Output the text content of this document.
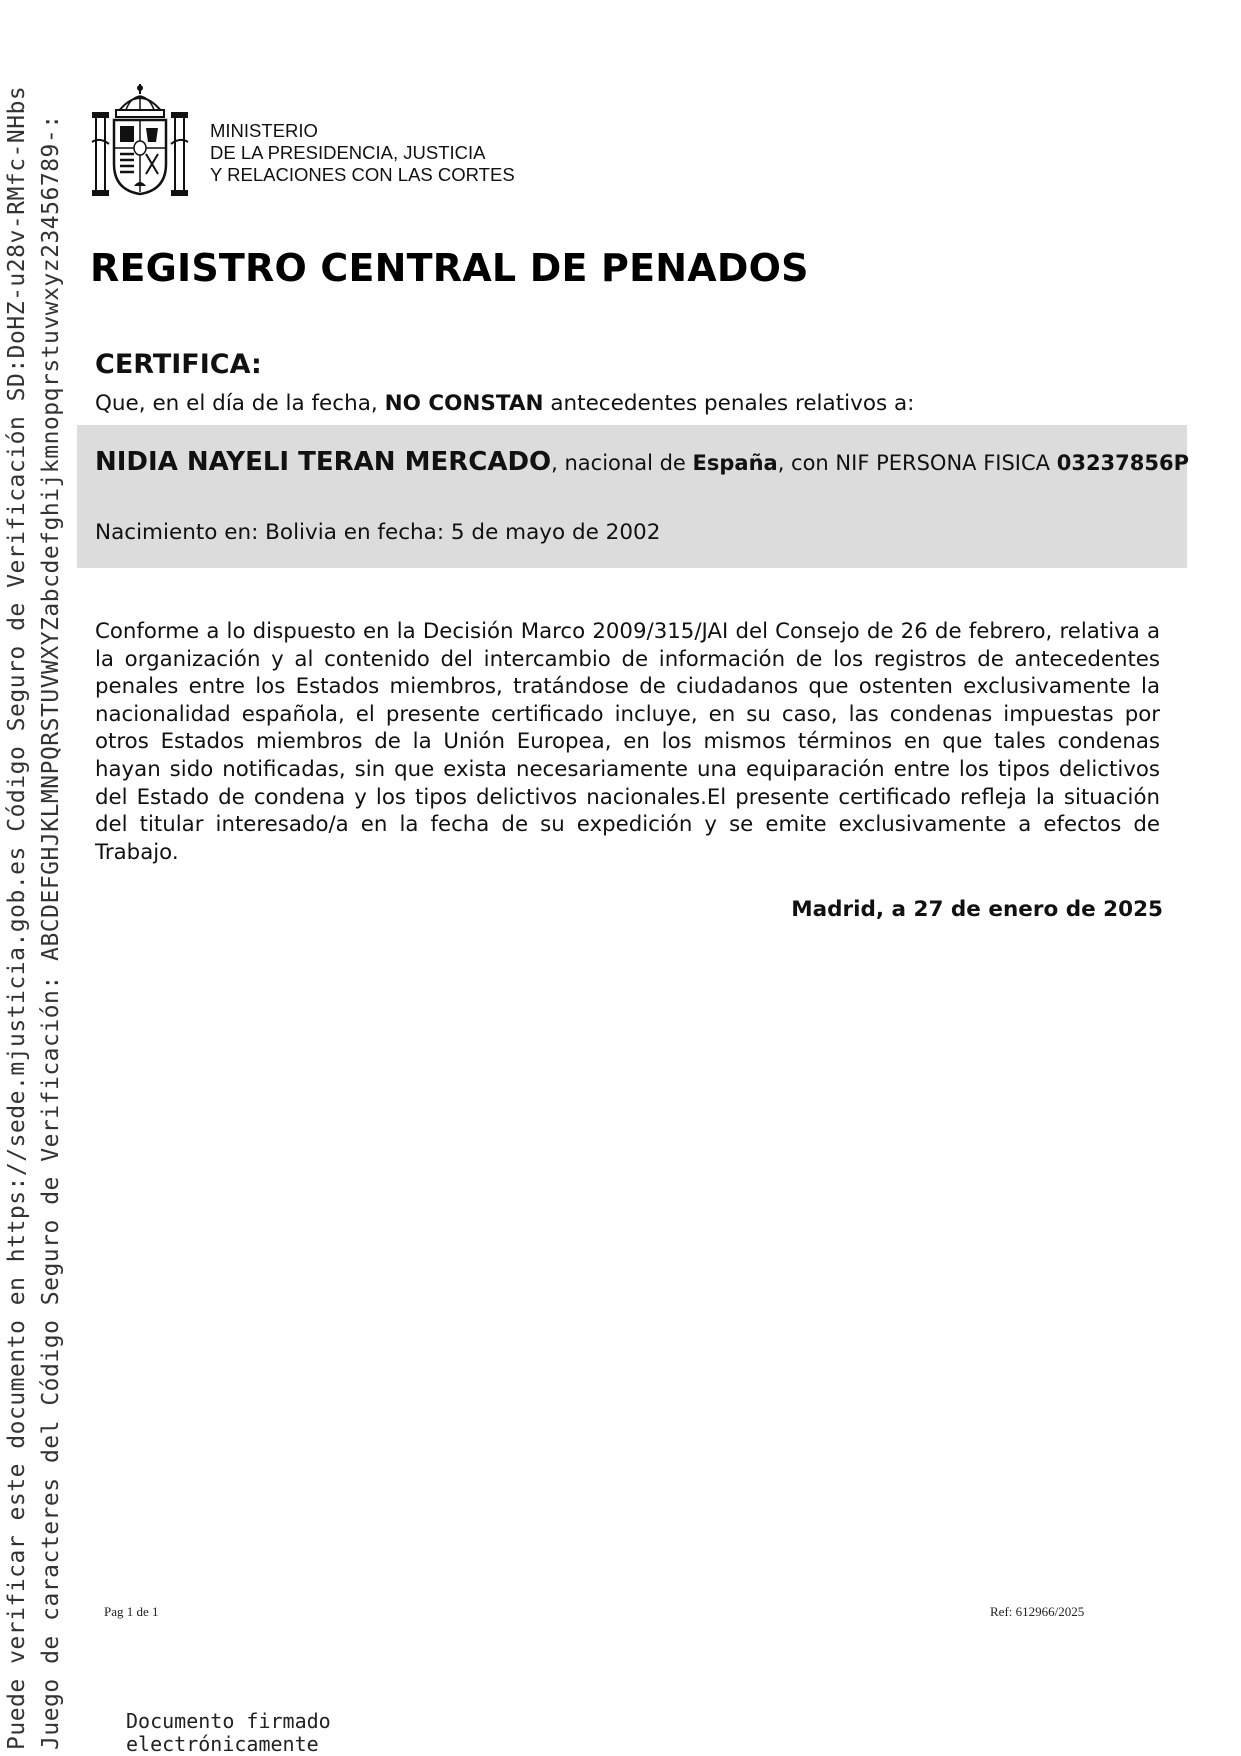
Puede verificar este documento en https://sede.mjusticia.gob.es Código Seguro de Verificación SD:DoHZ-u28v-RMfc-NHbs Juego de caracteres del Código Seguro de Verificación: ABCDEFGHJKLMNPQRSTUVWXYZabcdefghijkmnopqrstuvwxyz23456789-:	MINISTERIO
DE LA PRESIDENCIA, JUSTICIA
Y RELACIONES CON LAS CORTES
REGISTRO CENTRAL DE PENADOS
CERTIFICA:
Que, en el día de la fecha, NO CONSTAN antecedentes penales relativos a:
NIDIA NAYELI TERAN MERCADO, nacional de España, con NIF PERSONA FISICA 03237856P
Nacimiento en: Bolivia en fecha: 5 de mayo de 2002
Conforme a lo dispuesto en la Decisión Marco 2009/315/JAI del Consejo de 26 de febrero, relativa a la organización y al contenido del intercambio de información de los registros de antecedentes penales entre los Estados miembros, tratándose de ciudadanos que ostenten exclusivamente la nacionalidad española, el presente certificado incluye, en su caso, las condenas impuestas por otros Estados miembros de la Unión Europea, en los mismos términos en que tales condenas hayan sido notificadas, sin que exista necesariamente una equiparación entre los tipos delictivos del Estado de condena y los tipos delictivos nacionales.El presente certificado refleja la situación del titular interesado/a en la fecha de su expedición y se emite exclusivamente a efectos de Trabajo.
Madrid, a 27 de enero de 2025
Pag 1 de 1	Ref: 612966/2025
Documento firmado
electrónicamente
